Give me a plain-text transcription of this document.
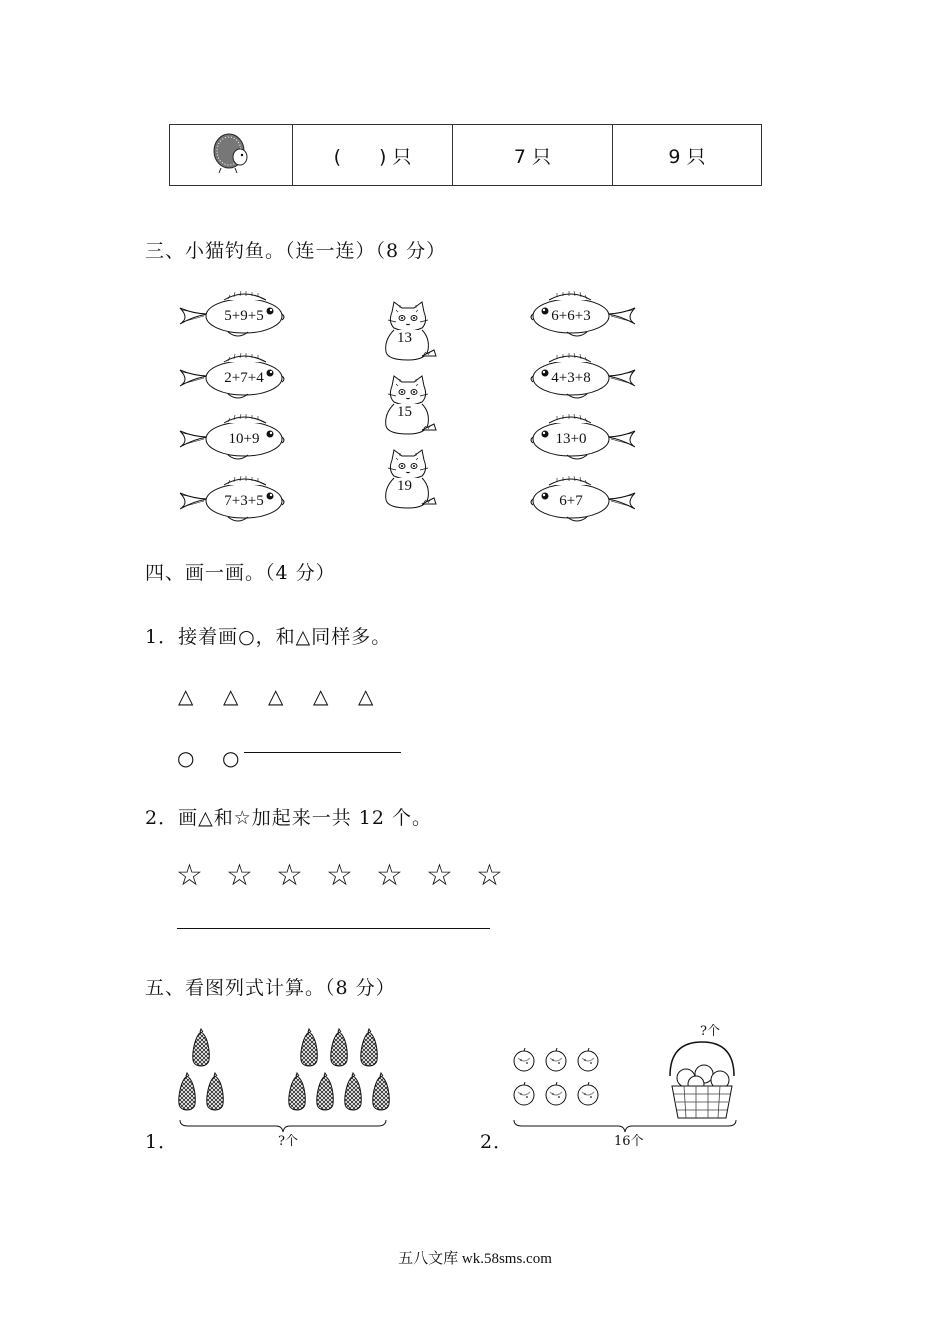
	(　　) 只	7 只	9 只
三、小猫钓鱼。（连一连）（8 分）
5+9+5
2+7+4
10+9
7+3+5
6+6+3
4+3+8
13+0
6+7
13
15
19
四、画一画。（4 分）
1．接着画○，和△同样多。
△ △ △ △ △
○ ○
2．画△和☆加起来一共 12 个。
☆ ☆ ☆ ☆ ☆ ☆ ☆
五、看图列式计算。（8 分）
?个
1．
?个
16个
2．
五八文库 wk.58sms.com
